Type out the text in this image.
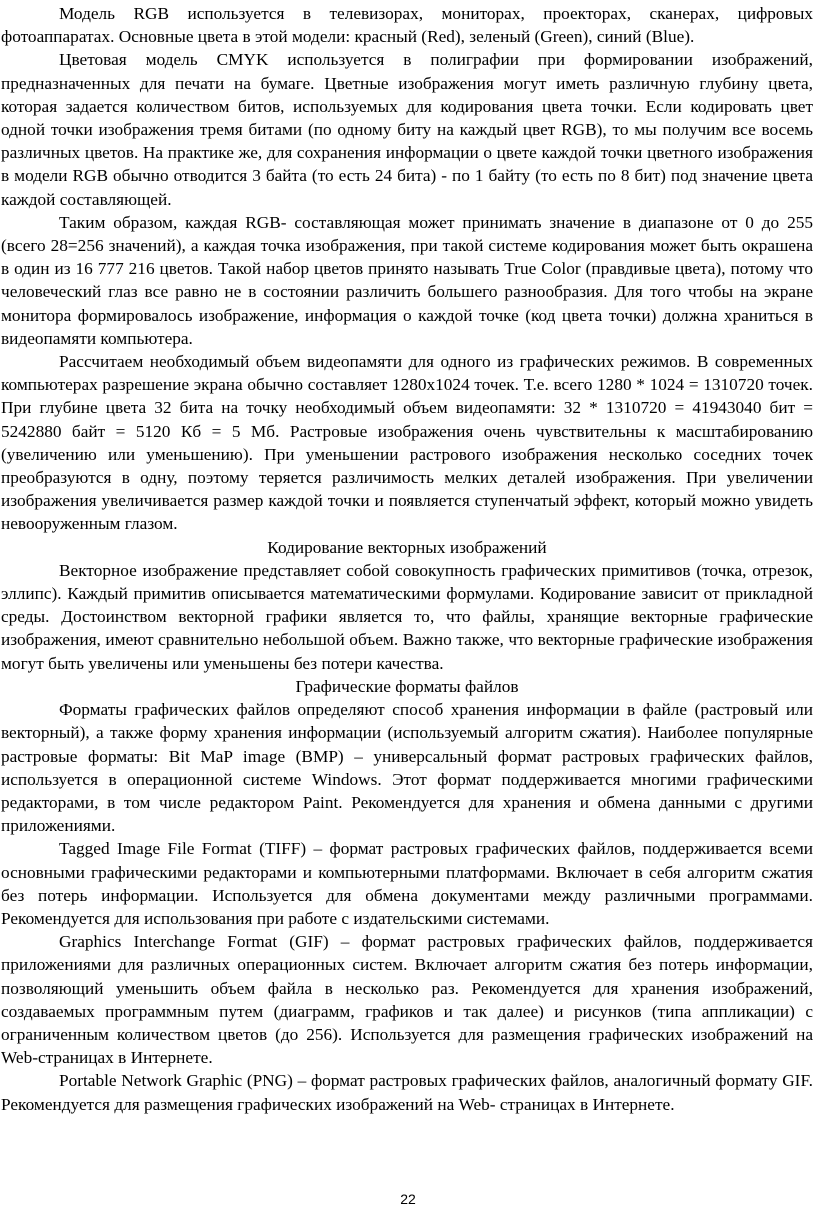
Модель RGB используется в телевизорах, мониторах, проекторах, сканерах, цифровых фотоаппаратах. Основные цвета в этой модели: красный (Red), зеленый (Green), синий (Blue).

Цветовая модель CMYK используется в полиграфии при формировании изображений, предназначенных для печати на бумаге. Цветные изображения могут иметь различную глубину цвета, которая задается количеством битов, используемых для кодирования цвета точки. Если кодировать цвет одной точки изображения тремя битами (по одному биту на каждый цвет RGB), то мы получим все восемь различных цветов. На практике же, для сохранения информации о цвете каждой точки цветного изображения в модели RGB обычно отводится 3 байта (то есть 24 бита) - по 1 байту (то есть по 8 бит) под значение цвета каждой составляющей.

Таким образом, каждая RGB- составляющая может принимать значение в диапазоне от 0 до 255 (всего 28=256 значений), а каждая точка изображения, при такой системе кодирования может быть окрашена в один из 16 777 216 цветов. Такой набор цветов принято называть True Color (правдивые цвета), потому что человеческий глаз все равно не в состоянии различить большего разнообразия. Для того чтобы на экране монитора формировалось изображение, информация о каждой точке (код цвета точки) должна храниться в видеопамяти компьютера.

Рассчитаем необходимый объем видеопамяти для одного из графических режимов. В современных компьютерах разрешение экрана обычно составляет 1280х1024 точек. Т.е. всего 1280 * 1024 = 1310720 точек. При глубине цвета 32 бита на точку необходимый объем видеопамяти: 32 * 1310720 = 41943040 бит = 5242880 байт = 5120 Кб = 5 Мб. Растровые изображения очень чувствительны к масштабированию (увеличению или уменьшению). При уменьшении растрового изображения несколько соседних точек преобразуются в одну, поэтому теряется различимость мелких деталей изображения. При увеличении изображения увеличивается размер каждой точки и появляется ступенчатый эффект, который можно увидеть невооруженным глазом.

Кодирование векторных изображений

Векторное изображение представляет собой совокупность графических примитивов (точка, отрезок, эллипс). Каждый примитив описывается математическими формулами. Кодирование зависит от прикладной среды. Достоинством векторной графики является то, что файлы, хранящие векторные графические изображения, имеют сравнительно небольшой объем. Важно также, что векторные графические изображения могут быть увеличены или уменьшены без потери качества.

Графические форматы файлов

Форматы графических файлов определяют способ хранения информации в файле (растровый или векторный), а также форму хранения информации (используемый алгоритм сжатия). Наиболее популярные растровые форматы: Bit MaP image (BMP) – универсальный формат растровых графических файлов, используется в операционной системе Windows. Этот формат поддерживается многими графическими редакторами, в том числе редактором Paint. Рекомендуется для хранения и обмена данными с другими приложениями.

Tagged Image File Format (TIFF) – формат растровых графических файлов, поддерживается всеми основными графическими редакторами и компьютерными платформами. Включает в себя алгоритм сжатия без потерь информации. Используется для обмена документами между различными программами. Рекомендуется для использования при работе с издательскими системами.

Graphics Interchange Format (GIF) – формат растровых графических файлов, поддерживается приложениями для различных операционных систем. Включает алгоритм сжатия без потерь информации, позволяющий уменьшить объем файла в несколько раз. Рекомендуется для хранения изображений, создаваемых программным путем (диаграмм, графиков и так далее) и рисунков (типа аппликации) с ограниченным количеством цветов (до 256). Используется для размещения графических изображений на Web-страницах в Интернете.

Portable Network Graphic (PNG) – формат растровых графических файлов, аналогичный формату GIF. Рекомендуется для размещения графических изображений на Web- страницах в Интернете.

22
